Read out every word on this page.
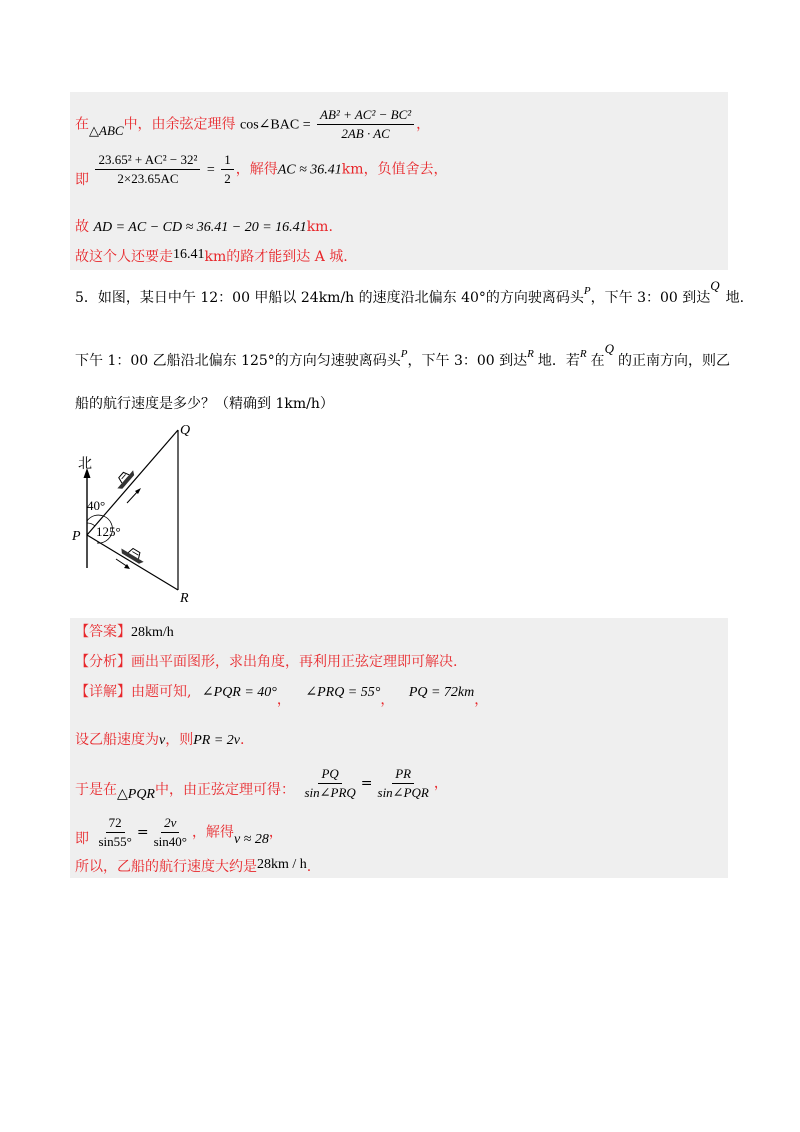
在△ABC中，由余弦定理得 cos∠BAC = $\frac{\text{AB² + AC² − BC²}}{2AB \cdot AC}$ ，
即 $\frac{\text{23.65² + AC² − 32²}}{2\times 23.65AC} = \frac{1}{2}$ ，解得AC ≈ 36.41km，负值舍去，
故 AD = AC − CD ≈ 36.41 − 20 = 16.41km.
故这个人还要走16.41km的路才能到达 A 城.
5．如图，某日中午 12：00 甲船以 24km/h 的速度沿北偏东 40°的方向驶离码头$^P$，下午 3：00 到达Q地.
下午 1：00 乙船沿北偏东 125°的方向匀速驶离码头$^P$，下午 3：00 到达$^R$ 地．若$^R$ 在Q的正南方向，则乙
船的航行速度是多少？（精确到 1km/h）
北
40°
125°
P
Q
R
【答案】28km/h
【分析】画出平面图形，求出角度，再利用正弦定理即可解决.
【详解】由题可知, ∠PQR = 40°， ∠PRQ = 55°， PQ = 72km，
设乙船速度为v，则PR = 2v.
于是在△PQR中，由正弦定理可得： $\frac{PQ}{\text{sin∠PRQ}} = \frac{PR}{\text{sin∠PQR}}$ ，
即 $\frac{72}{\sin 55^\circ} = \frac{2v}{\sin 40^\circ}$ ，解得v ≈ 28，
所以，乙船的航行速度大约是28km / h.
